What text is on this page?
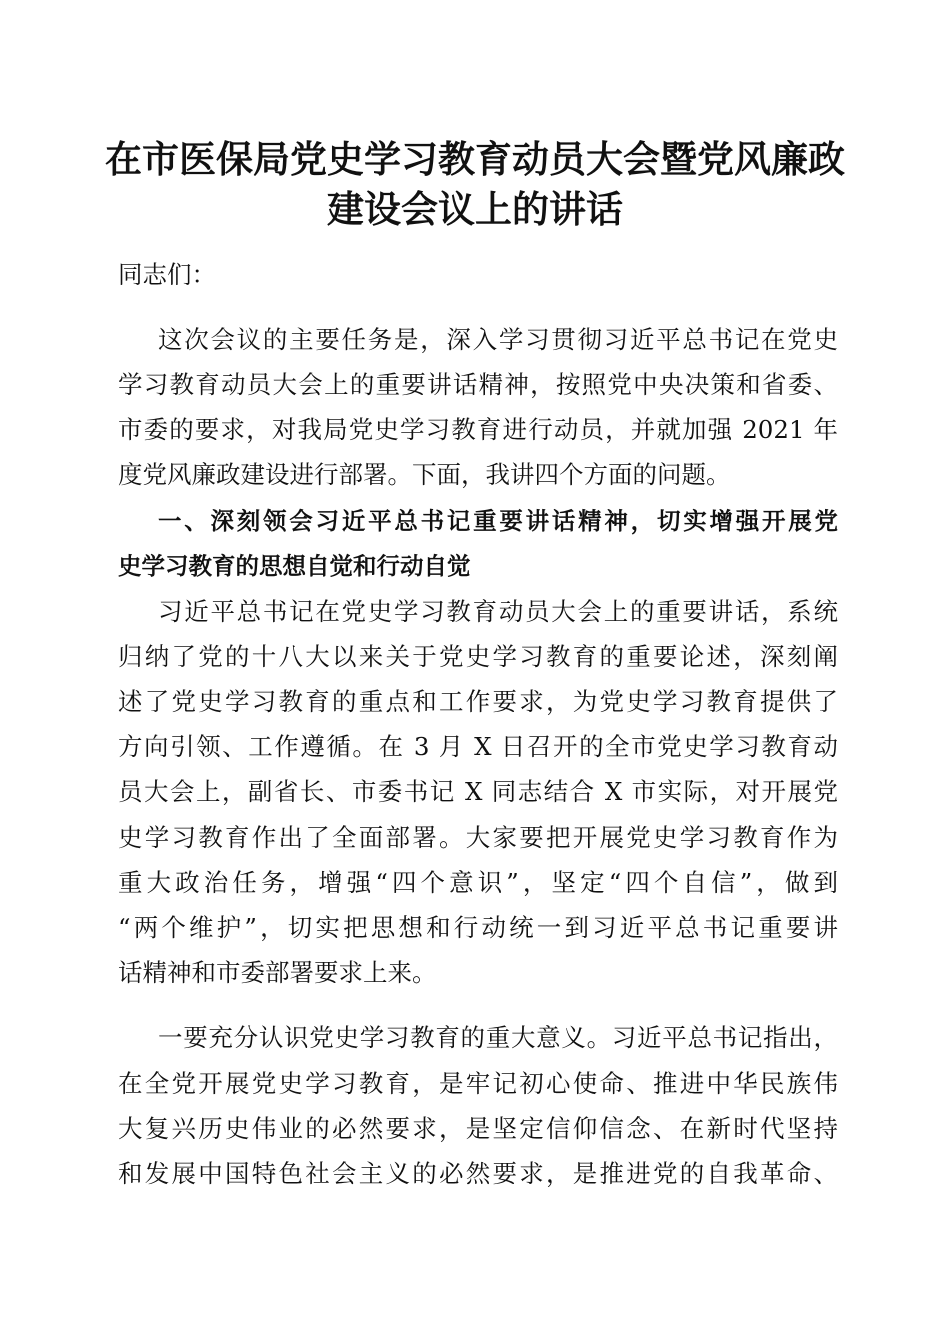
在市医保局党史学习教育动员大会暨党风廉政
建设会议上的讲话

同志们：

这次会议的主要任务是，深入学习贯彻习近平总书记在党史

学习教育动员大会上的重要讲话精神，按照党中央决策和省委、

市委的要求，对我局党史学习教育进行动员，并就加强 2021 年

度党风廉政建设进行部署。下面，我讲四个方面的问题。

一、深刻领会习近平总书记重要讲话精神，切实增强开展党

史学习教育的思想自觉和行动自觉

习近平总书记在党史学习教育动员大会上的重要讲话，系统

归纳了党的十八大以来关于党史学习教育的重要论述，深刻阐

述了党史学习教育的重点和工作要求，为党史学习教育提供了

方向引领、工作遵循。在 3 月 X 日召开的全市党史学习教育动

员大会上，副省长、市委书记 X 同志结合 X 市实际，对开展党

史学习教育作出了全面部署。大家要把开展党史学习教育作为

重大政治任务，增强“四个意识”，坚定“四个自信”，做到

“两个维护”，切实把思想和行动统一到习近平总书记重要讲

话精神和市委部署要求上来。

一要充分认识党史学习教育的重大意义。习近平总书记指出，

在全党开展党史学习教育，是牢记初心使命、推进中华民族伟

大复兴历史伟业的必然要求，是坚定信仰信念、在新时代坚持

和发展中国特色社会主义的必然要求，是推进党的自我革命、
